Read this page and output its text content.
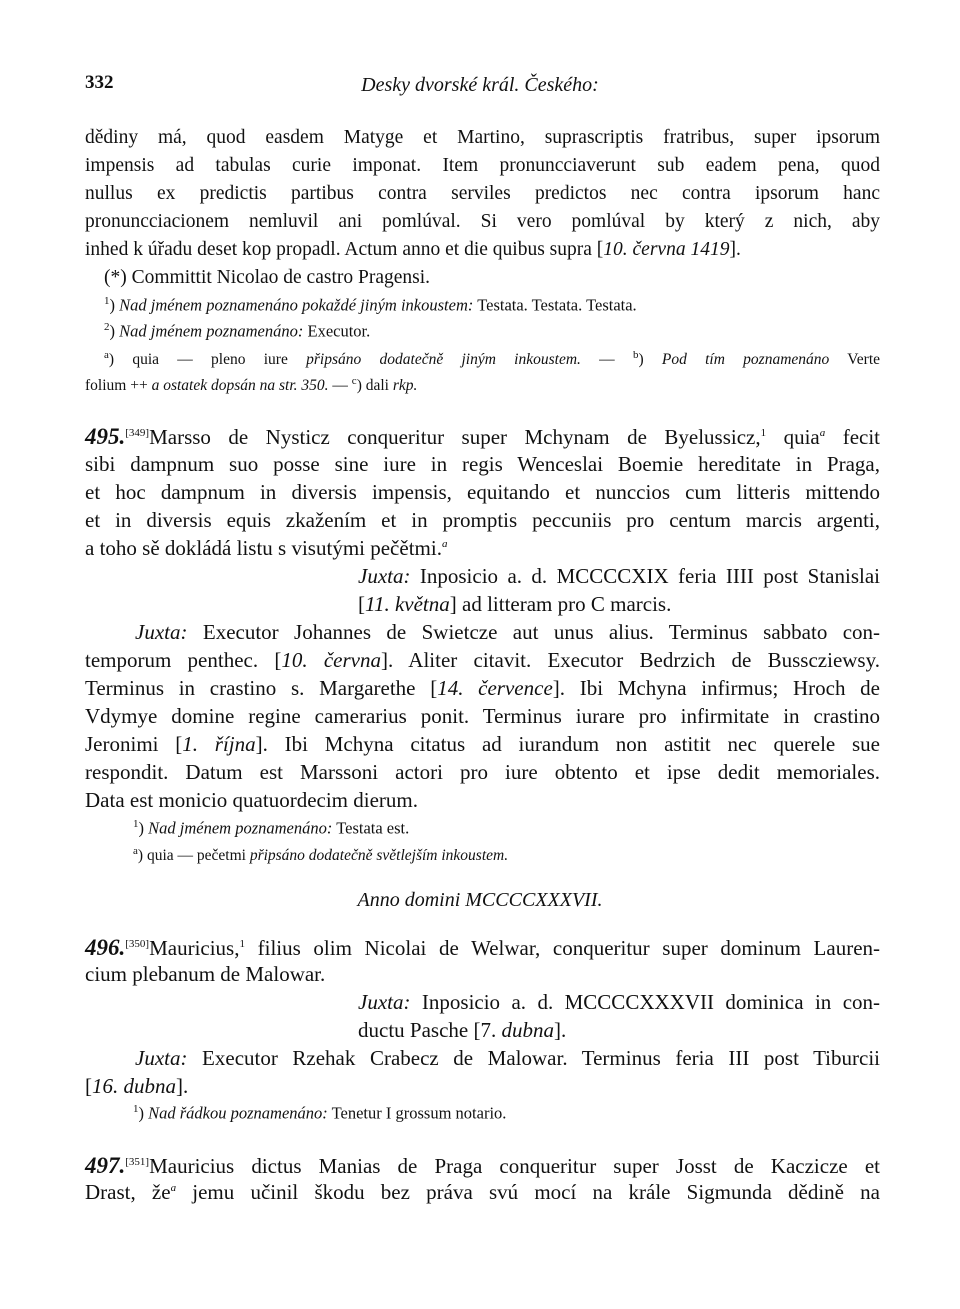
332	Desky dvorské král. Českého:
dědiny má, quod easdem Matyge et Martino, suprascriptis fratribus, super ipsorum
impensis ad tabulas curie imponat. Item pronuncciaverunt sub eadem pena, quod
nullus ex predictis partibus contra serviles predictos nec contra ipsorum hanc
pronuncciacionem nemluvil ani pomlúval. Si vero pomlúval by který z nich, aby
inhed k úřadu deset kop propadl. Actum anno et die quibus supra [10. června 1419].
(*) Committit Nicolao de castro Pragensi.
$^1$) Nad jménem poznamenáno pokaždé jiným inkoustem: Testata. Testata. Testata.
$^2$) Nad jménem poznamenáno: Executor.
$^a$) quia — pleno iure připsáno dodatečně jiným inkoustem. — $^b$) Pod tím poznamenáno Verte
folium ++ a ostatek dopsán na str. 350. — $^c$) dali rkp.
495.[349]Marsso de Nysticz conqueritur super Mchynam de Byelussicz,$^1$ quia$^a$ fecit
sibi dampnum suo posse sine iure in regis Wenceslai Boemie hereditate in Praga,
et hoc dampnum in diversis impensis, equitando et nunccios cum litteris mittendo
et in diversis equis zkažením et in promptis peccuniis pro centum marcis argenti,
a toho sě dokládá listu s visutými pečětmi.$^a$
Juxta: Inposicio a. d. MCCCCXIX feria IIII post Stanislai
[11. května] ad litteram pro C marcis.
Juxta: Executor Johannes de Swietcze aut unus alius. Terminus sabbato con-
temporum penthec. [10. června]. Aliter citavit. Executor Bedrzich de Busscziewsy.
Terminus in crastino s. Margarethe [14. července]. Ibi Mchyna infirmus; Hroch de
Vdymye domine regine camerarius ponit. Terminus iurare pro infirmitate in crastino
Jeronimi [1. října]. Ibi Mchyna citatus ad iurandum non astitit nec querele sue
respondit. Datum est Marssoni actori pro iure obtento et ipse dedit memoriales.
Data est monicio quatuordecim dierum.
$^1$) Nad jménem poznamenáno: Testata est.
$^a$) quia — pečetmi připsáno dodatečně světlejším inkoustem.
Anno domini MCCCCXXXVII.
496.[350]Mauricius,$^1$ filius olim Nicolai de Welwar, conqueritur super dominum Lauren-
cium plebanum de Malowar.
Juxta: Inposicio a. d. MCCCCXXXVII dominica in con-
ductu Pasche [7. dubna].
Juxta: Executor Rzehak Crabecz de Malowar. Terminus feria III post Tiburcii
[16. dubna].
$^1$) Nad řádkou poznamenáno: Tenetur I grossum notario.
497.[351]Mauricius dictus Manias de Praga conqueritur super Josst de Kaczicze et
Drast, $že^a$ jemu učinil škodu bez práva svú mocí na krále Sigmunda dědině na
